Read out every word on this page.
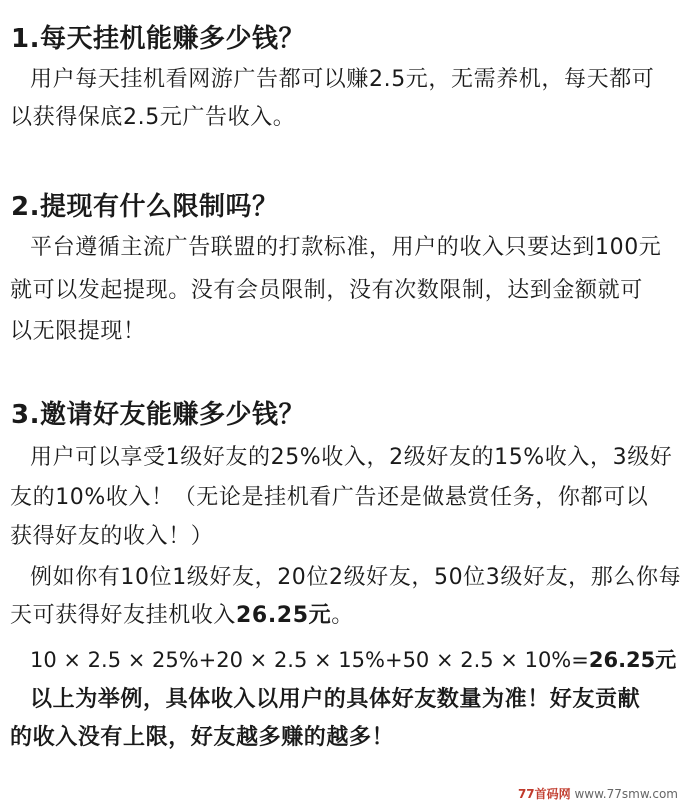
1.每天挂机能赚多少钱？
用户每天挂机看网游广告都可以赚2.5元，无需养机，每天都可
以获得保底2.5元广告收入。
2.提现有什么限制吗？
平台遵循主流广告联盟的打款标准，用户的收入只要达到100元
就可以发起提现。没有会员限制，没有次数限制，达到金额就可
以无限提现！
3.邀请好友能赚多少钱？
用户可以享受1级好友的25%收入，2级好友的15%收入，3级好
友的10%收入！（无论是挂机看广告还是做悬赏任务，你都可以
获得好友的收入！）
例如你有10位1级好友，20位2级好友，50位3级好友，那么你每
天可获得好友挂机收入26.25元。
10 × 2.5 × 25%+20 × 2.5 × 15%+50 × 2.5 × 10%=26.25元
以上为举例，具体收入以用户的具体好友数量为准！好友贡献
的收入没有上限，好友越多赚的越多！
77首码网 www.77smw.com
